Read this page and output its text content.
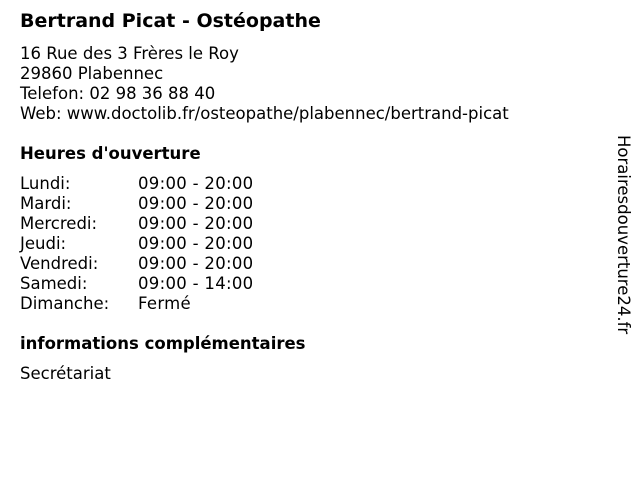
Bertrand Picat - Ostéopathe
16 Rue des 3 Frères le Roy
29860 Plabennec
Telefon: 02 98 36 88 40
Web: www.doctolib.fr/osteopathe/plabennec/bertrand-picat
Heures d'ouverture
Lundi:	09:00 - 20:00
Mardi:	09:00 - 20:00
Mercredi: 09:00 - 20:00
Jeudi:	09:00 - 20:00
Vendredi: 09:00 - 20:00
Samedi:	09:00 - 14:00
Dimanche: Fermé
informations complémentaires
Secrétariat
Horairesdouverture24.fr
